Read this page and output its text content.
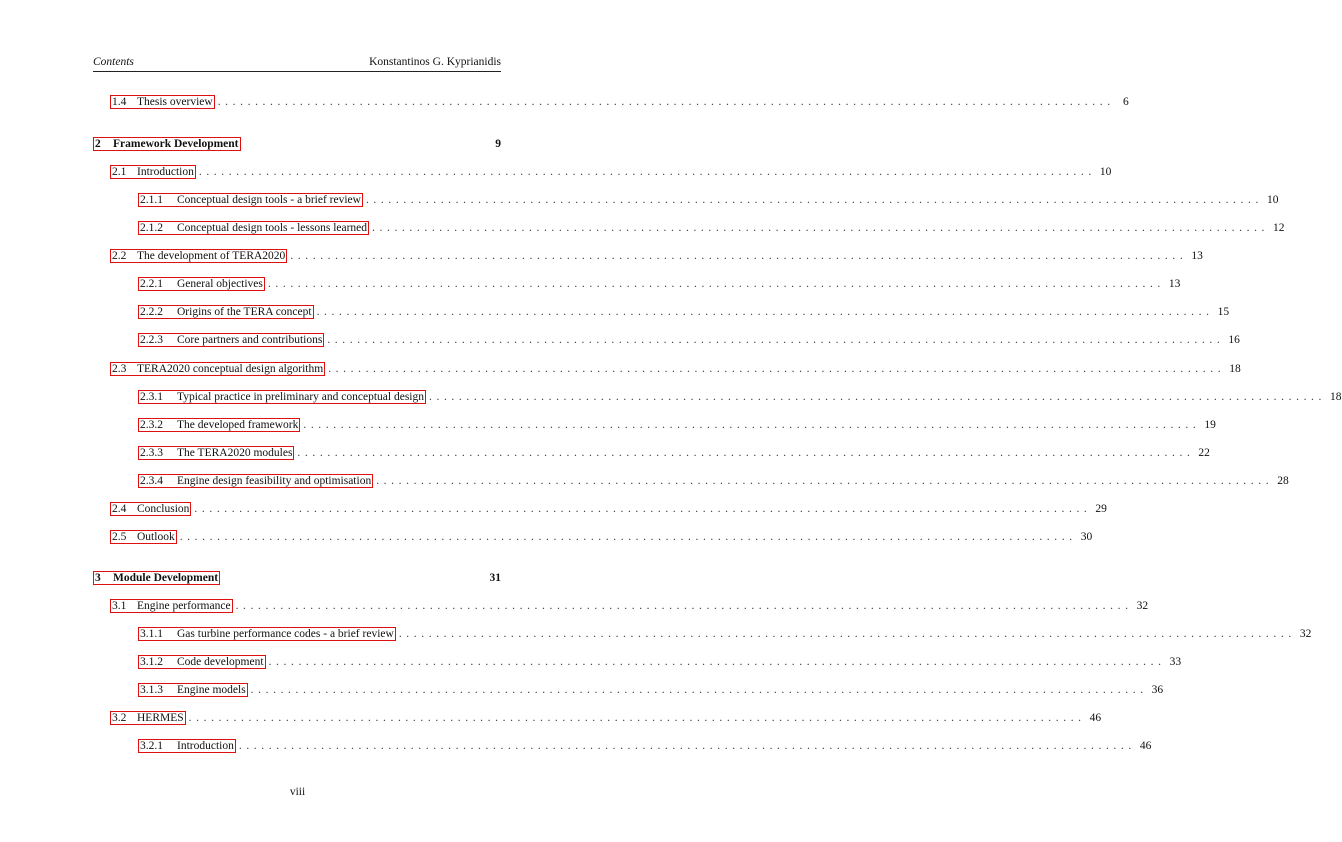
Contents	Konstantinos G. Kyprianidis
1.4 Thesis overview ........................................................................................................................ 6
2 Framework Development	9
2.1 Introduction ........................................................................................................................ 10
2.1.1 Conceptual design tools - a brief review ........................................................................................................................ 10
2.1.2 Conceptual design tools - lessons learned ........................................................................................................................ 12
2.2 The development of TERA2020 ........................................................................................................................ 13
2.2.1 General objectives ........................................................................................................................ 13
2.2.2 Origins of the TERA concept ........................................................................................................................ 15
2.2.3 Core partners and contributions ........................................................................................................................ 16
2.3 TERA2020 conceptual design algorithm ........................................................................................................................ 18
2.3.1 Typical practice in preliminary and conceptual design ........................................................................................................................ 18
2.3.2 The developed framework ........................................................................................................................ 19
2.3.3 The TERA2020 modules ........................................................................................................................ 22
2.3.4 Engine design feasibility and optimisation ........................................................................................................................ 28
2.4 Conclusion ........................................................................................................................ 29
2.5 Outlook ........................................................................................................................ 30
3 Module Development	31
3.1 Engine performance ........................................................................................................................ 32
3.1.1 Gas turbine performance codes - a brief review ........................................................................................................................ 32
3.1.2 Code development ........................................................................................................................ 33
3.1.3 Engine models ........................................................................................................................ 36
3.2 HERMES ........................................................................................................................ 46
3.2.1 Introduction ........................................................................................................................ 46
viii
